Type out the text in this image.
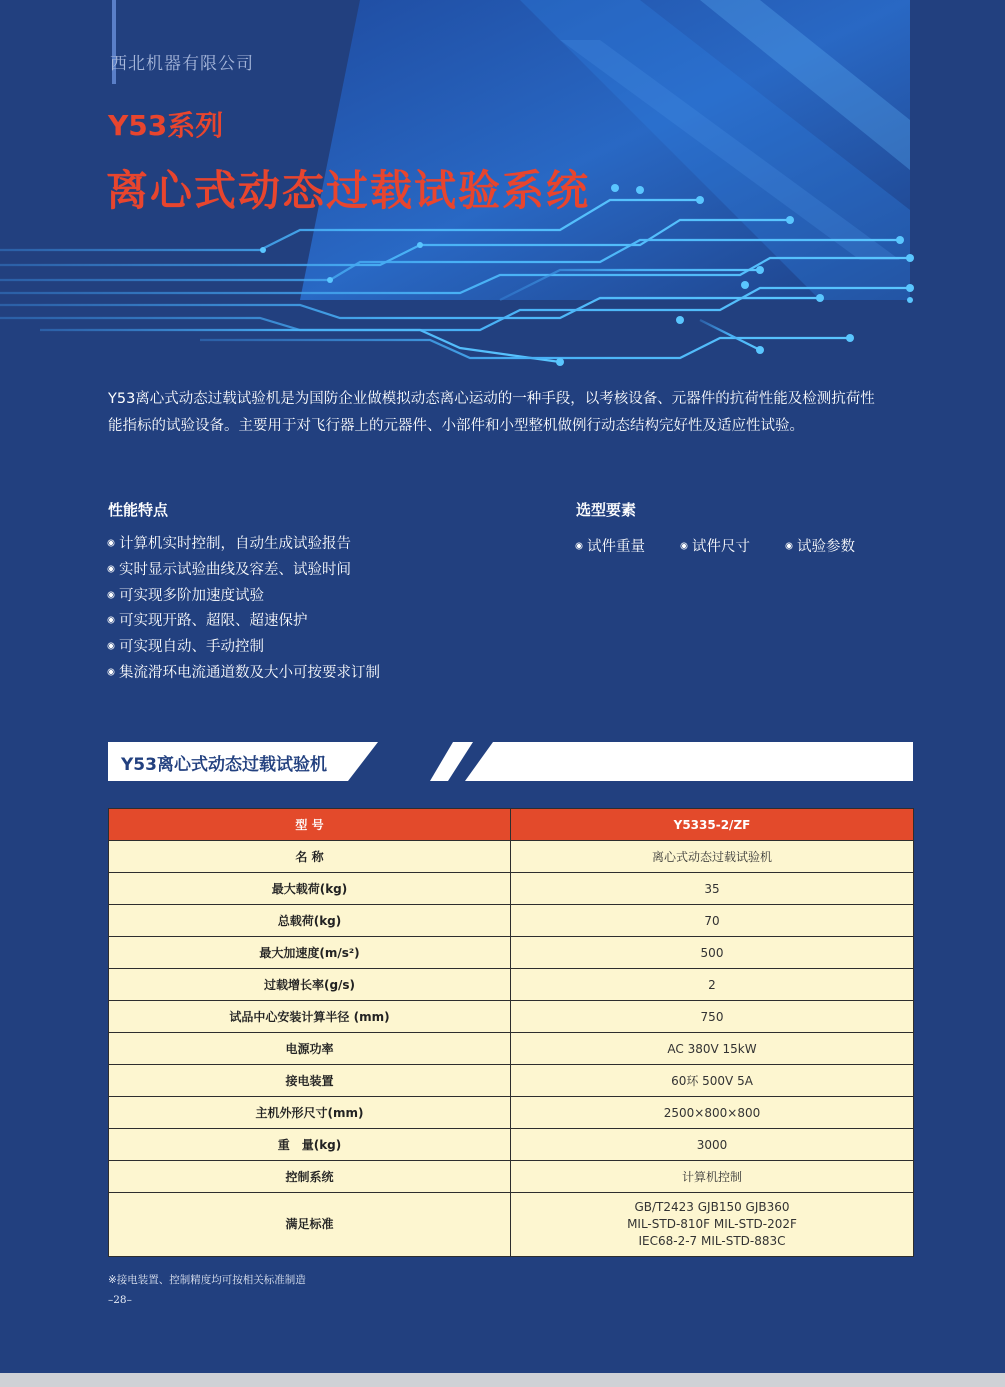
西北机器有限公司
Y53系列
离心式动态过载试验系统
Y53离心式动态过载试验机是为国防企业做模拟动态离心运动的一种手段，以考核设备、元器件的抗荷性能及检测抗荷性能指标的试验设备。主要用于对飞行器上的元器件、小部件和小型整机做例行动态结构完好性及适应性试验。
性能特点
计算机实时控制，自动生成试验报告
实时显示试验曲线及容差、试验时间
可实现多阶加速度试验
可实现开路、超限、超速保护
可实现自动、手动控制
集流滑环电流通道数及大小可按要求订制
选型要素
试件重量	试件尺寸	试验参数
Y53离心式动态过载试验机
型 号	Y5335-2/ZF
名 称	离心式动态过载试验机
最大载荷(kg)	35
总载荷(kg)	70
最大加速度(m/s²)	500
过载增长率(g/s)	2
试品中心安装计算半径 (mm)	750
电源功率	AC 380V 15kW
接电装置	60环 500V 5A
主机外形尺寸(mm)	2500×800×800
重　量(kg)	3000
控制系统	计算机控制
满足标准	GB/T2423 GJB150 GJB360
MIL-STD-810F MIL-STD-202F
IEC68-2-7 MIL-STD-883C
※接电装置、控制精度均可按相关标准制造
–28–
